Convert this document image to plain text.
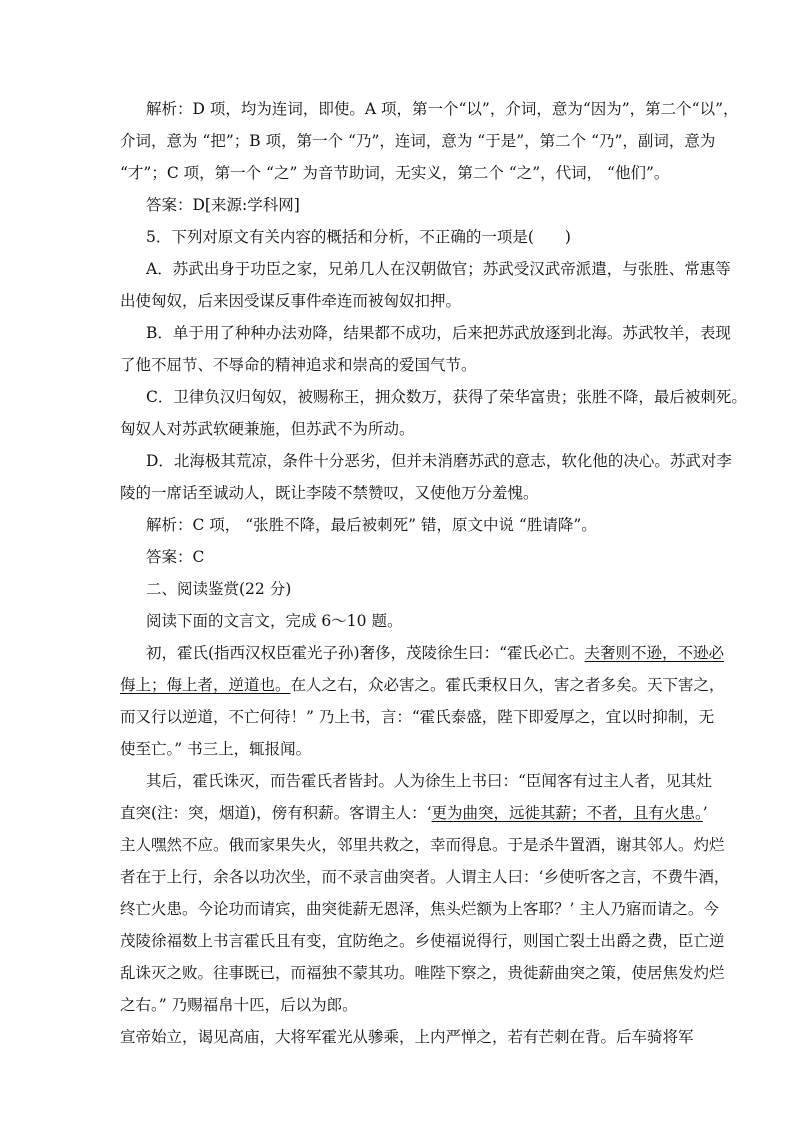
解析：D 项，均为连词，即使。A 项，第一个“以”，介词，意为“因为”，第二个“以”，
介词，意为 “把”；B 项，第一个 “乃”，连词，意为 “于是”，第二个 “乃”，副词，意为
“才”；C 项，第一个 “之” 为音节助词，无实义，第二个 “之”，代词， “他们”。
答案：D[来源:学科网]
5．下列对原文有关内容的概括和分析，不正确的一项是(　　)
A．苏武出身于功臣之家，兄弟几人在汉朝做官；苏武受汉武帝派遣，与张胜、常惠等
出使匈奴，后来因受谋反事件牵连而被匈奴扣押。
B．单于用了种种办法劝降，结果都不成功，后来把苏武放逐到北海。苏武牧羊，表现
了他不屈节、不辱命的精神追求和崇高的爱国气节。
C．卫律负汉归匈奴，被赐称王，拥众数万，获得了荣华富贵；张胜不降，最后被刺死。
匈奴人对苏武软硬兼施，但苏武不为所动。
D．北海极其荒凉，条件十分恶劣，但并未消磨苏武的意志，软化他的决心。苏武对李
陵的一席话至诚动人，既让李陵不禁赞叹，又使他万分羞愧。
解析：C 项， “张胜不降，最后被刺死” 错，原文中说 “胜请降”。
答案：C
二、阅读鉴赏(22 分)
阅读下面的文言文，完成 6～10 题。
初，霍氏(指西汉权臣霍光子孙)奢侈，茂陵徐生曰：“霍氏必亡。夫奢则不逊，不逊必
侮上；侮上者，逆道也。在人之右，众必害之。霍氏秉权日久，害之者多矣。天下害之，
而又行以逆道，不亡何待！” 乃上书，言：“霍氏泰盛，陛下即爱厚之，宜以时抑制，无
使至亡。” 书三上，辄报闻。
其后，霍氏诛灭，而告霍氏者皆封。人为徐生上书曰：“臣闻客有过主人者，见其灶
直突(注：突，烟道)，傍有积薪。客谓主人：‘更为曲突，远徙其薪；不者，且有火患。’
主人嘿然不应。俄而家果失火，邻里共救之，幸而得息。于是杀牛置酒，谢其邻人。灼烂
者在于上行，余各以功次坐，而不录言曲突者。人谓主人曰：‘乡使听客之言，不费牛酒，
终亡火患。今论功而请宾，曲突徙薪无恩泽，焦头烂额为上客耶？’ 主人乃寤而请之。今
茂陵徐福数上书言霍氏且有变，宜防绝之。乡使福说得行，则国亡裂土出爵之费，臣亡逆
乱诛灭之败。往事既已，而福独不蒙其功。唯陛下察之，贵徙薪曲突之策，使居焦发灼烂
之右。” 乃赐福帛十匹，后以为郎。
宣帝始立，谒见高庙，大将军霍光从骖乘，上内严惮之，若有芒刺在背。后车骑将军
